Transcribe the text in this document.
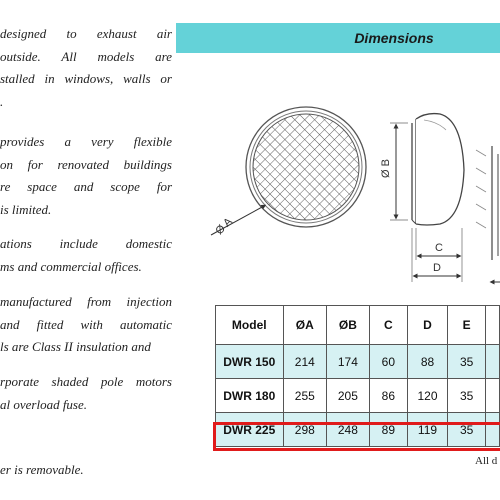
designed to exhaust air
outside. All models are
stalled in windows, walls or
.

provides a very flexible
on for renovated buildings
re space and scope for
is limited.

ations include domestic
ms and commercial offices.

manufactured from injection
and fitted with automatic
ls are Class II insulation and

rporate shaded pole motors
al overload fuse.

er is removable.

Dimensions
Ø A
Ø B
C
D
Model	ØA	ØB	C	D	E	
DWR 150	214	174	60	88	35	
DWR 180	255	205	86	120	35	
DWR 225	298	248	89	119	35	
All d
